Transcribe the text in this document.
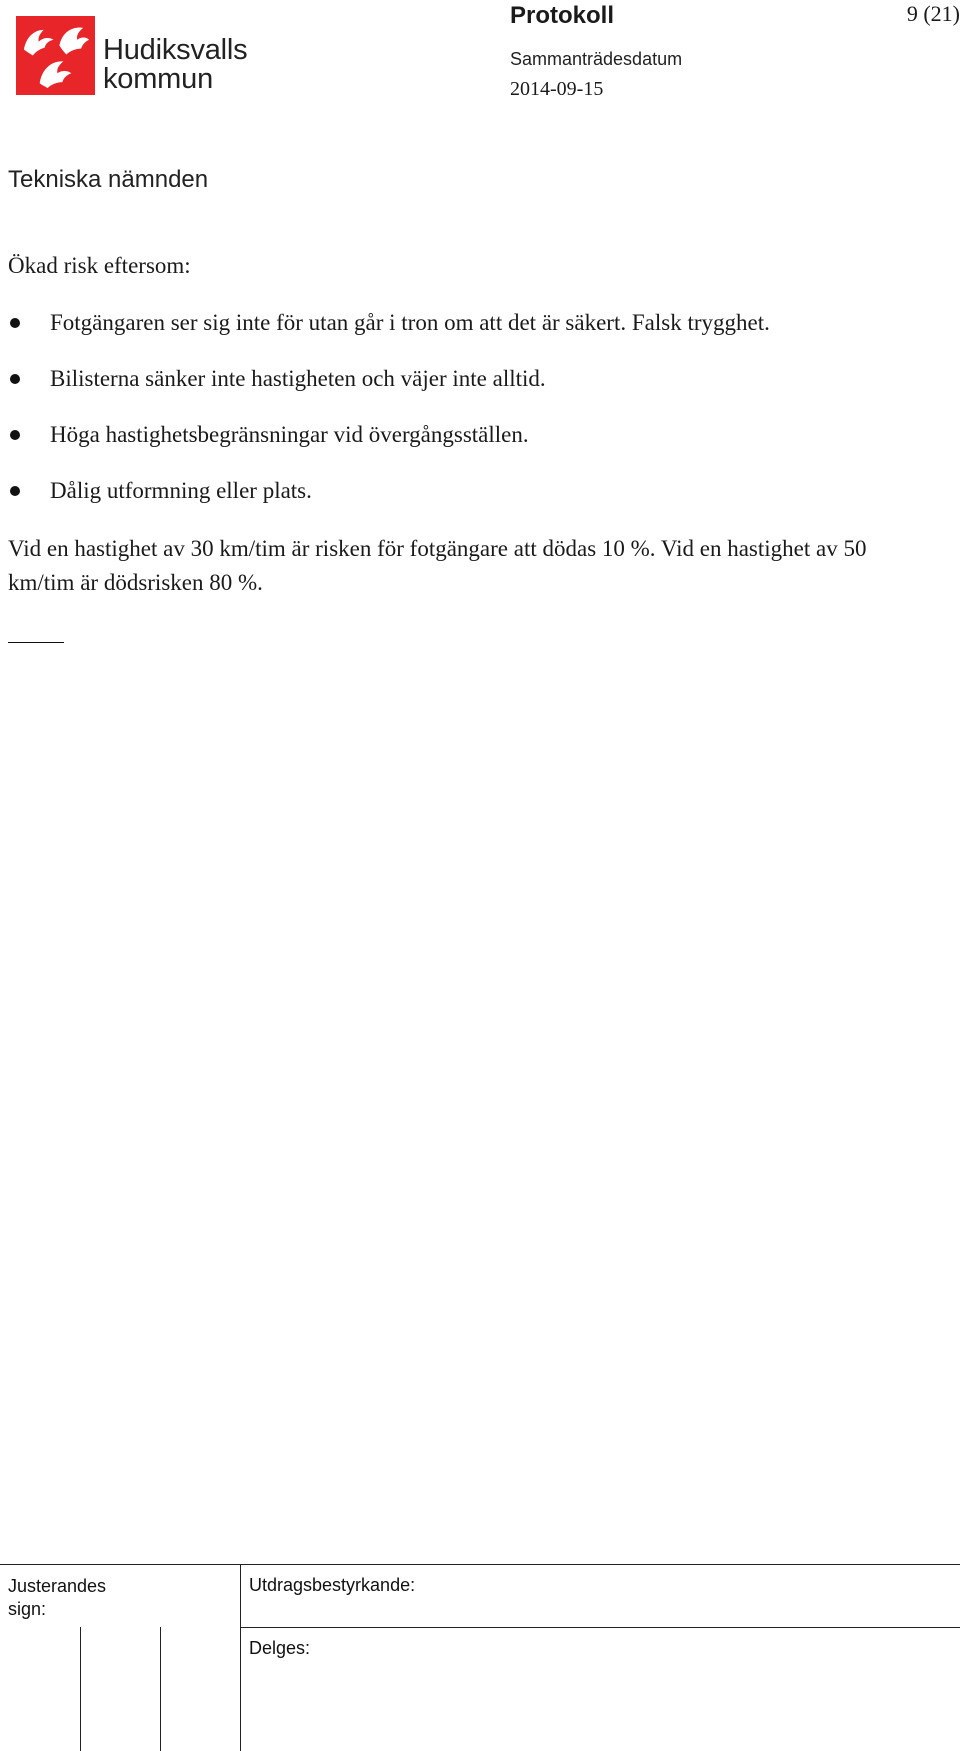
Hudiksvalls
kommun
Protokoll	9 (21)
Sammanträdesdatum
2014-09-15
Tekniska nämnden
Ökad risk eftersom:
Fotgängaren ser sig inte för utan går i tron om att det är säkert. Falsk trygghet.
Bilisterna sänker inte hastigheten och väjer inte alltid.
Höga hastighetsbegränsningar vid övergångsställen.
Dålig utformning eller plats.

Vid en hastighet av 30 km/tim är risken för fotgängare att dödas 10 %. Vid en hastighet av 50 km/tim är dödsrisken 80 %.

Justerandes sign:
Utdragsbestyrkande:
Delges:
